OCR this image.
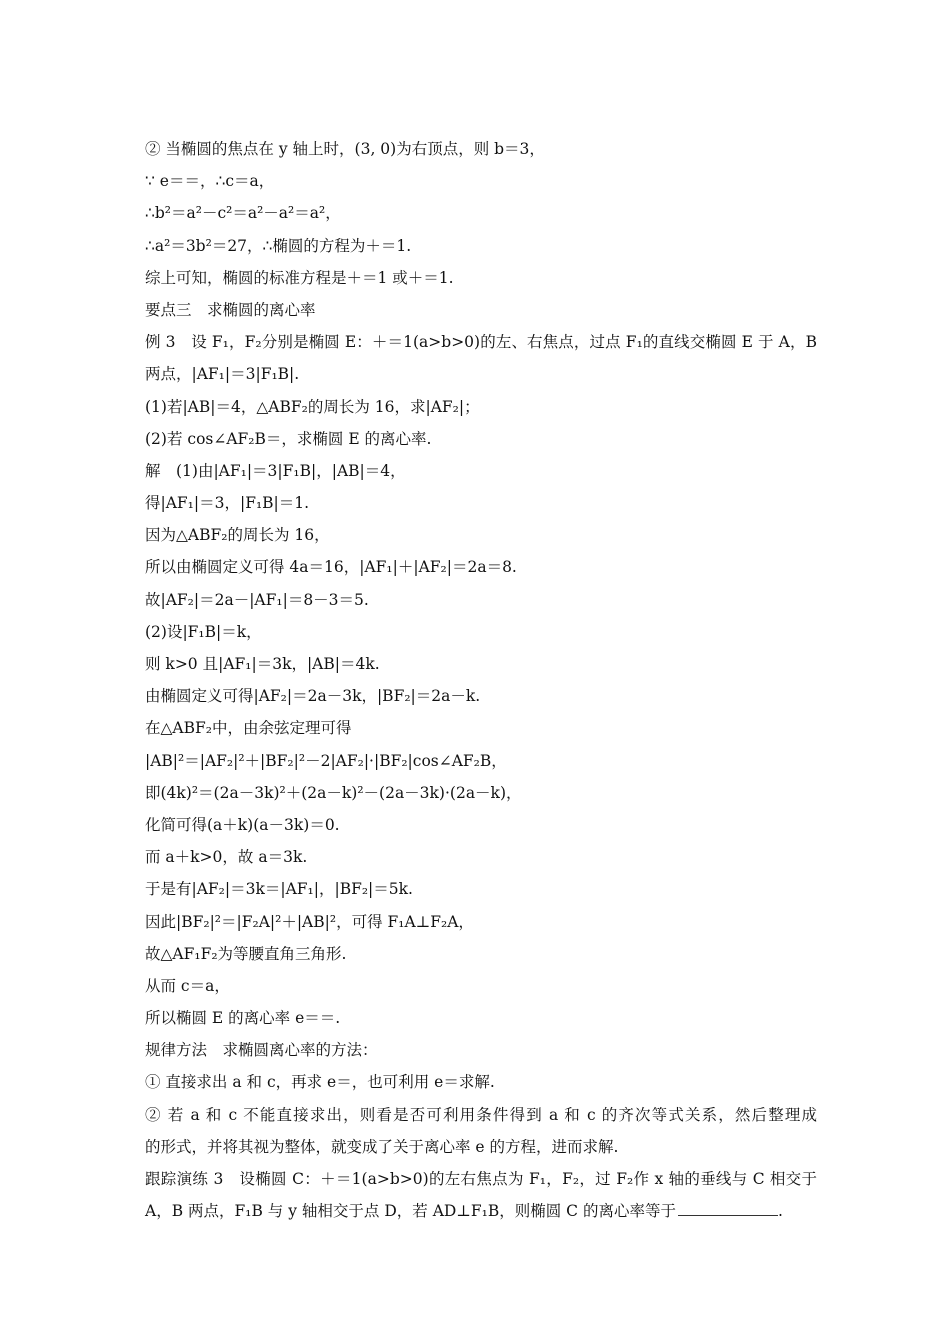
② 当椭圆的焦点在 y 轴上时，(3, 0)为右顶点，则 b＝3，
∵ e＝＝，∴c＝a，
∴b²＝a²－c²＝a²－a²＝a²，
∴a²＝3b²＝27，∴椭圆的方程为＋＝1.
综上可知，椭圆的标准方程是＋＝1 或＋＝1.
要点三　求椭圆的离心率
例 3　设 F₁，F₂分别是椭圆 E：＋＝1(a>b>0)的左、右焦点，过点 F₁的直线交椭圆 E 于 A，B
两点，|AF₁|＝3|F₁B|.
(1)若|AB|＝4，△ABF₂的周长为 16，求|AF₂|；
(2)若 cos∠AF₂B＝，求椭圆 E 的离心率.
解　(1)由|AF₁|＝3|F₁B|，|AB|＝4，
得|AF₁|＝3，|F₁B|＝1.
因为△ABF₂的周长为 16，
所以由椭圆定义可得 4a＝16，|AF₁|＋|AF₂|＝2a＝8.
故|AF₂|＝2a－|AF₁|＝8－3＝5.
(2)设|F₁B|＝k，
则 k>0 且|AF₁|＝3k，|AB|＝4k.
由椭圆定义可得|AF₂|＝2a－3k，|BF₂|＝2a－k.
在△ABF₂中，由余弦定理可得
|AB|²＝|AF₂|²＋|BF₂|²－2|AF₂|·|BF₂|cos∠AF₂B，
即(4k)²＝(2a－3k)²＋(2a－k)²－(2a－3k)·(2a－k)，
化简可得(a＋k)(a－3k)＝0.
而 a＋k>0，故 a＝3k.
于是有|AF₂|＝3k＝|AF₁|，|BF₂|＝5k.
因此|BF₂|²＝|F₂A|²＋|AB|²，可得 F₁A⊥F₂A，
故△AF₁F₂为等腰直角三角形.
从而 c＝a，
所以椭圆 E 的离心率 e＝＝.
规律方法　求椭圆离心率的方法：
① 直接求出 a 和 c，再求 e＝，也可利用 e＝求解.
② 若 a 和 c 不能直接求出，则看是否可利用条件得到 a 和 c 的齐次等式关系，然后整理成
的形式，并将其视为整体，就变成了关于离心率 e 的方程，进而求解.
跟踪演练 3　设椭圆 C：＋＝1(a>b>0)的左右焦点为 F₁，F₂，过 F₂作 x 轴的垂线与 C 相交于
A，B 两点，F₁B 与 y 轴相交于点 D，若 AD⊥F₁B，则椭圆 C 的离心率等于	.
